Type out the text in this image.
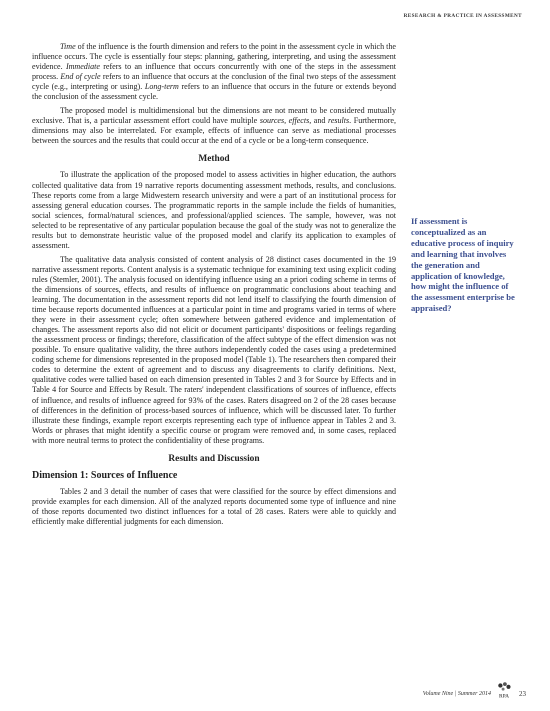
RESEARCH & PRACTICE IN ASSESSMENT

Time of the influence is the fourth dimension and refers to the point in the assessment cycle in which the influence occurs. The cycle is essentially four steps: planning, gathering, interpreting, and using the assessment evidence. Immediate refers to an influence that occurs concurrently with one of the steps in the assessment process. End of cycle refers to an influence that occurs at the conclusion of the final two steps of the assessment cycle (e.g., interpreting or using). Long-term refers to an influence that occurs in the future or extends beyond the conclusion of the assessment cycle.

The proposed model is multidimensional but the dimensions are not meant to be considered mutually exclusive. That is, a particular assessment effort could have multiple sources, effects, and results. Furthermore, dimensions may also be interrelated. For example, effects of influence can serve as mediational processes between the sources and the results that could occur at the end of a cycle or be a long-term consequence.

Method

To illustrate the application of the proposed model to assess activities in higher education, the authors collected qualitative data from 19 narrative reports documenting assessment methods, results, and conclusions. These reports come from a large Midwestern research university and were a part of an institutional process for assessing general education courses. The programmatic reports in the sample include the fields of humanities, social sciences, formal/natural sciences, and professional/applied sciences. The sample, however, was not selected to be representative of any particular population because the goal of the study was not to generalize the results but to demonstrate heuristic value of the proposed model and clarify its application to examples of assessment.

The qualitative data analysis consisted of content analysis of 28 distinct cases documented in the 19 narrative assessment reports. Content analysis is a systematic technique for examining text using explicit coding rules (Stemler, 2001). The analysis focused on identifying influence using an a priori coding scheme in terms of the dimensions of sources, effects, and results of influence on programmatic conclusions about teaching and learning. The documentation in the assessment reports did not lend itself to classifying the fourth dimension of time because reports documented influences at a particular point in time and programs varied in terms of where they were in their assessment cycle; often somewhere between gathered evidence and implementation of changes. The assessment reports also did not elicit or document participants' dispositions or feelings regarding the assessment process or findings; therefore, classification of the affect subtype of the effect dimension was not possible. To ensure qualitative validity, the three authors independently coded the cases using a predetermined coding scheme for dimensions represented in the proposed model (Table 1). The researchers then compared their codes to determine the extent of agreement and to discuss any disagreements to clarify definitions. Next, qualitative codes were tallied based on each dimension presented in Tables 2 and 3 for Source by Effects and in Table 4 for Source and Effects by Result. The raters' independent classifications of sources of influence, effects of influence, and results of influence agreed for 93% of the cases. Raters disagreed on 2 of the 28 cases because of differences in the definition of process-based sources of influence, which will be discussed later. To further illustrate these findings, example report excerpts representing each type of influence appear in Tables 2 and 3. Words or phrases that might identify a specific course or program were removed and, in some cases, replaced with more neutral terms to protect the confidentiality of these programs.

Results and Discussion
Dimension 1: Sources of Influence

Tables 2 and 3 detail the number of cases that were classified for the source by effect dimensions and provide examples for each dimension. All of the analyzed reports documented some type of influence and nine of those reports documented two distinct influences for a total of 28 cases. Raters were able to quickly and efficiently make differential judgments for each dimension.

If assessment is conceptualized as an educative process of inquiry and learning that involves the generation and application of knowledge, how might the influence of the assessment enterprise be appraised?
Volume Nine | Summer 2014 RPA 23
